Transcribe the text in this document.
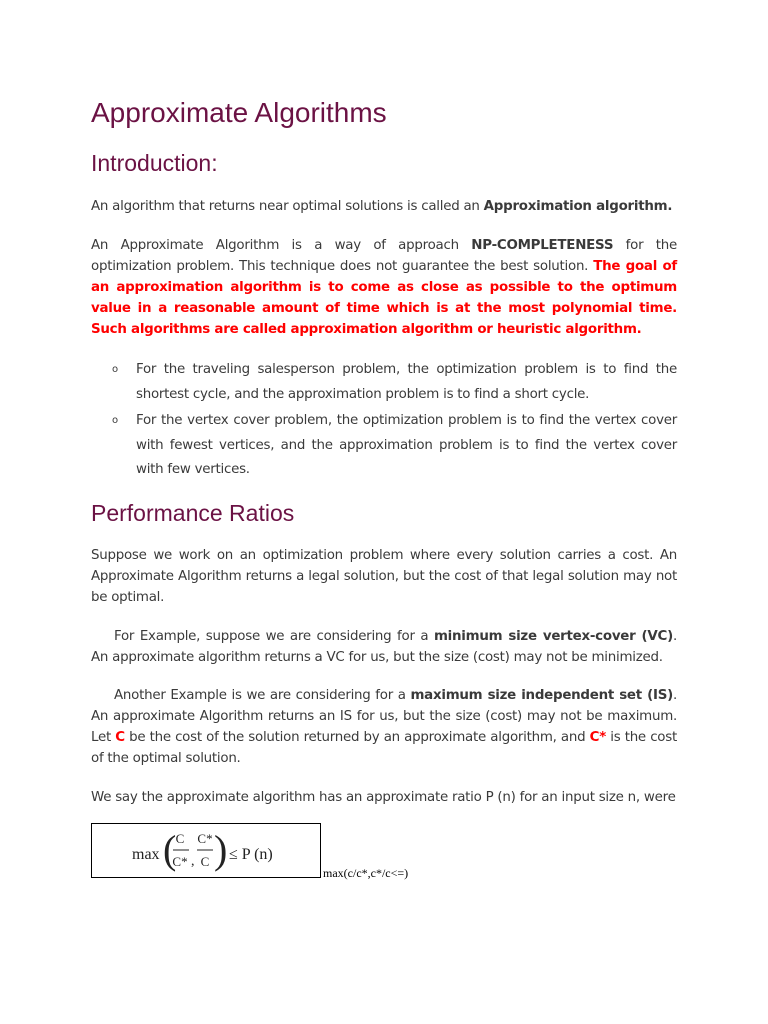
Approximate Algorithms
Introduction:

An algorithm that returns near optimal solutions is called an Approximation algorithm.

An Approximate Algorithm is a way of approach NP-COMPLETENESS for the optimization problem. This technique does not guarantee the best solution. The goal of an approximation algorithm is to come as close as possible to the optimum value in a reasonable amount of time which is at the most polynomial time. Such algorithms are called approximation algorithm or heuristic algorithm.

o For the traveling salesperson problem, the optimization problem is to find the shortest cycle, and the approximation problem is to find a short cycle.
o For the vertex cover problem, the optimization problem is to find the vertex cover with fewest vertices, and the approximation problem is to find the vertex cover with few vertices.
Performance Ratios

Suppose we work on an optimization problem where every solution carries a cost. An Approximate Algorithm returns a legal solution, but the cost of that legal solution may not be optimal.

For Example, suppose we are considering for a minimum size vertex-cover (VC). An approximate algorithm returns a VC for us, but the size (cost) may not be minimized.

Another Example is we are considering for a maximum size independent set (IS). An approximate Algorithm returns an IS for us, but the size (cost) may not be maximum. Let C be the cost of the solution returned by an approximate algorithm, and C* is the cost of the optimal solution.

We say the approximate algorithm has an approximate ratio P (n) for an input size n, were

max ( C
C* ,
C*
C ) ≤ P (n)
max(c/c*,c*/c<=)
